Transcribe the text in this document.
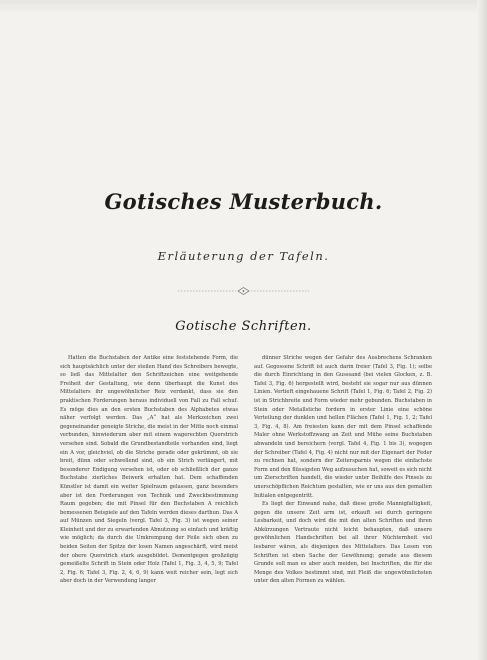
Gotisches Musterbuch.
Erläuterung der Tafeln.
Gotische Schriften.

Hatten die Buchstaben der Antike eine feststehende Form, die sich hauptsächlich unter der steilen Hand des Schreibers bewegte, so ließ das Mittelalter den Schriftzeichen eine weitgehende Freiheit der Gestaltung, wie denn überhaupt die Kunst des Mittelalters ihr ungewöhnlicher Reiz verdankt, dass sie den praktischen Forderungen heraus individuell von Fall zu Fall schuf. Es möge dies an den ersten Buchstaben des Alphabetes etwas näher verfolgt werden. Das „A“ hat als Merkzeichen zwei gegeneinander geneigte Striche, die meist in der Mitte noch einmal verbunden, hinwiederum aber mit einem wagerechten Querstrich versehen sind. Sobald die Grundbestandteile vorhanden sind, liegt ein A vor, gleichviel, ob die Striche gerade oder gekrümmt, ob sie breit, dünn oder schwellend sind, ob ein Strich verlängert, mit besonderer Endigung versehen ist, oder ob schließlich der ganze Buchstabe zierliches Beiwerk erhalten hat. Dem schaffenden Künstler ist damit ein weiter Spielraum gelassen, ganz besonders aber ist den Forderungen von Technik und Zweckbestimmung Raum gegeben; die mit Pinsel für den Buchstaben A reichlich bemessenen Beispiele auf den Tafeln werden dieses darthun. Das A auf Münzen und Siegeln (vergl. Tafel 3, Fig. 3) ist wegen seiner Kleinheit und der zu erwartenden Abnutzung so einfach und kräftig wie möglich; da durch die Umkrempung der Feile sich oben zu beiden Seiten der Spitze der losen Namen angeschärft, wird meist der obere Querstrich stark ausgebildet. Dementgegen großzügig gemeißelte Schrift in Stein oder Holz (Tafel 1, Fig. 3, 4, 5, 9; Tafel 2, Fig. 6; Tafel 3, Fig. 2, 4, 6, 9) kann weit reicher sein, legt sich aber doch in der Verwendung langer

dünner Striche wegen der Gefahr des Ausbrechens Schranken auf. Gegossene Schrift ist auch darin freier (Tafel 3, Fig. 1); selbe die durch Einrichtung in den Gusssand (bei vielen Glocken, z. B. Tafel 3, Fig. 6) hergestellt wird, besteht sie sogar nur aus dünnen Linien. Vertieft eingehauene Schrift (Tafel 1, Fig. 6; Tafel 2, Fig. 2) ist in Strichbreite und Form wieder mehr gebunden. Buchstaben in Stein oder Metallstiche fordern in erster Linie eine schöne Verteilung der dunklen und hellen Flächen (Tafel 1, Fig. 1, 2; Tafel 3, Fig. 4, 8). Am freiesten kann der mit dem Pinsel schaffende Maler ohne Werkstoffzwang an Zeit und Mühe seine Buchstaben abwandeln und bereichern (vergl. Tafel 4, Fig. 1 bis 3), wogegen der Schreiber (Tafel 4, Fig. 4) nicht nur mit der Eigenart der Feder zu rechnen hat, sondern der Zeitersparnis wegen die einfachste Form und den flüssigsten Weg aufzusuchen hat, soweit es sich nicht um Zierschriften handelt, die wieder unter Beihilfe des Pinsels zu unerschöpflichen Reichtum gestalten, wie er uns aus den gemalten Initialen entgegentritt.

Es liegt der Einwand nahe, daß diese große Mannigfaltigkeit, gegen die unsere Zeit arm ist, erkauft sei durch geringere Lesbarkeit, und doch wird die mit den alten Schriften und ihren Abkürzungen Vertraute nicht leicht behaupten, daß unsere gewöhnlichen Handschriften bei all ihrer Nüchternheit viel lesbarer wären, als diejenigen des Mittelalters. Das Lesen von Schriften ist eben Sache der Gewöhnung; gerade aus diesem Grunde soll man es aber auch meiden, bei Inschriften, die für die Menge des Volkes bestimmt sind, mit Fleiß die ungewöhnlichsten unter den alten Formen zu wählen.
